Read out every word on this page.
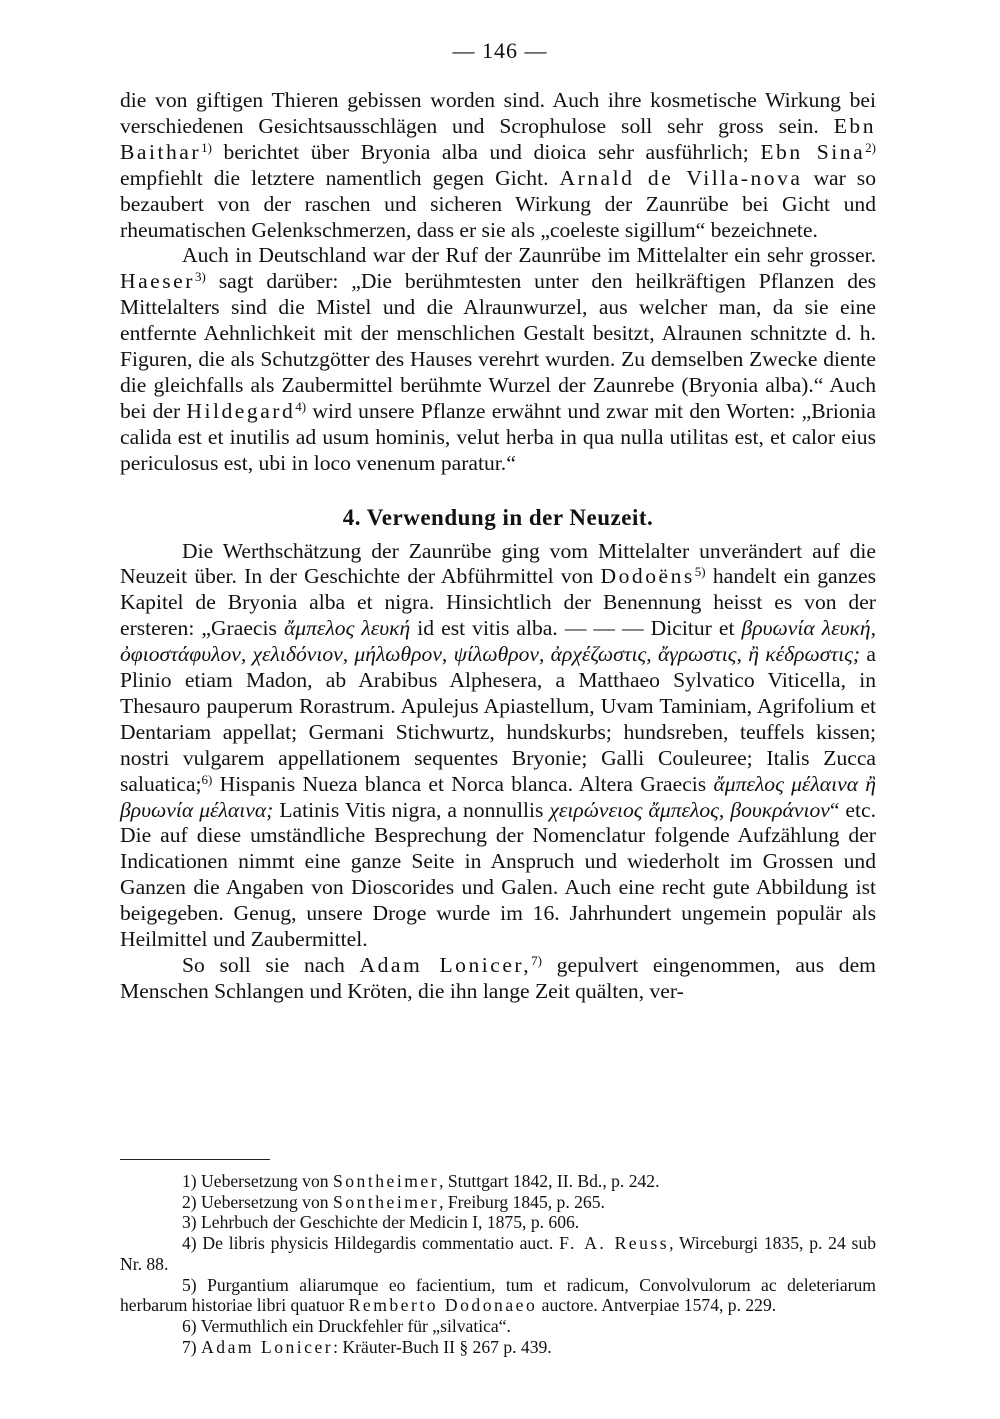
— 146 —

die von giftigen Thieren gebissen worden sind. Auch ihre kosmetische Wirkung bei verschiedenen Gesichtsausschlägen und Scrophulose soll sehr gross sein. Ebn Baithar$^{1)}$ berichtet über Bryonia alba und dioica sehr ausführlich; Ebn Sina$^{2)}$ empfiehlt die letztere namentlich gegen Gicht. Arnald de Villa-nova war so bezaubert von der raschen und sicheren Wirkung der Zaunrübe bei Gicht und rheumatischen Gelenkschmerzen, dass er sie als „coeleste sigillum“ bezeichnete.

Auch in Deutschland war der Ruf der Zaunrübe im Mittelalter ein sehr grosser. Haeser$^{3)}$ sagt darüber: „Die berühmtesten unter den heilkräftigen Pflanzen des Mittelalters sind die Mistel und die Alraunwurzel, aus welcher man, da sie eine entfernte Aehnlichkeit mit der menschlichen Gestalt besitzt, Alraunen schnitzte d. h. Figuren, die als Schutzgötter des Hauses verehrt wurden. Zu demselben Zwecke diente die gleichfalls als Zaubermittel berühmte Wurzel der Zaunrebe (Bryonia alba).“ Auch bei der Hildegard$^{4)}$ wird unsere Pflanze erwähnt und zwar mit den Worten: „Brionia calida est et inutilis ad usum hominis, velut herba in qua nulla utilitas est, et calor eius periculosus est, ubi in loco venenum paratur.“

4. Verwendung in der Neuzeit.

Die Werthschätzung der Zaunrübe ging vom Mittelalter unverändert auf die Neuzeit über. In der Geschichte der Abführmittel von Dodoëns$^{5)}$ handelt ein ganzes Kapitel de Bryonia alba et nigra. Hinsichtlich der Benennung heisst es von der ersteren: „Graecis ἄμπελος λευκή id est vitis alba. — — — Dicitur et βρυωνία λευκή, ὀφιοστάφυλον, χελιδόνιον, μήλωθρον, ψίλωθρον, ἀρχέζωστις, ἄγρωστις, ἢ κέδρωστις; a Plinio etiam Madon, ab Arabibus Alphesera, a Matthaeo Sylvatico Viticella, in Thesauro pauperum Rorastrum. Apulejus Apiastellum, Uvam Taminiam, Agrifolium et Dentariam appellat; Germani Stichwurtz, hundskurbs; hundsreben, teuffels kissen; nostri vulgarem appellationem sequentes Bryonie; Galli Couleuree; Italis Zucca saluatica;$^{6)}$ Hispanis Nueza blanca et Norca blanca. Altera Graecis ἄμπελος μέλαινα ἢ βρυωνία μέλαινα; Latinis Vitis nigra, a nonnullis χειρώνειος ἄμπελος, βουκράνιον“ etc. Die auf diese umständliche Besprechung der Nomenclatur folgende Aufzählung der Indicationen nimmt eine ganze Seite in Anspruch und wiederholt im Grossen und Ganzen die Angaben von Dioscorides und Galen. Auch eine recht gute Abbildung ist beigegeben. Genug, unsere Droge wurde im 16. Jahrhundert ungemein populär als Heilmittel und Zaubermittel.

So soll sie nach Adam Lonicer,$^{7)}$ gepulvert eingenommen, aus dem Menschen Schlangen und Kröten, die ihn lange Zeit quälten, ver-

1) Uebersetzung von Sontheimer, Stuttgart 1842, II. Bd., p. 242.

2) Uebersetzung von Sontheimer, Freiburg 1845, p. 265.

3) Lehrbuch der Geschichte der Medicin I, 1875, p. 606.

4) De libris physicis Hildegardis commentatio auct. F. A. Reuss, Wirceburgi 1835, p. 24 sub Nr. 88.

5) Purgantium aliarumque eo facientium, tum et radicum, Convolvulorum ac deleteriarum herbarum historiae libri quatuor Remberto Dodonaeo auctore. Antverpiae 1574, p. 229.

6) Vermuthlich ein Druckfehler für „silvatica“.

7) Adam Lonicer: Kräuter-Buch II § 267 p. 439.
